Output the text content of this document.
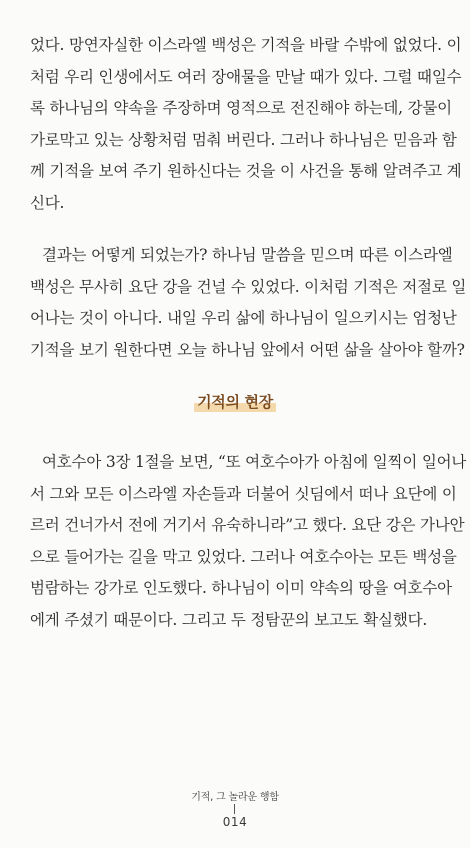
었다. 망연자실한 이스라엘 백성은 기적을 바랄 수밖에 없었다. 이
처럼 우리 인생에서도 여러 장애물을 만날 때가 있다. 그럴 때일수
록 하나님의 약속을 주장하며 영적으로 전진해야 하는데, 강물이
가로막고 있는 상황처럼 멈춰 버린다. 그러나 하나님은 믿음과 함
께 기적을 보여 주기 원하신다는 것을 이 사건을 통해 알려주고 계
신다.
결과는 어떻게 되었는가? 하나님 말씀을 믿으며 따른 이스라엘
백성은 무사히 요단 강을 건널 수 있었다. 이처럼 기적은 저절로 일
어나는 것이 아니다. 내일 우리 삶에 하나님이 일으키시는 엄청난
기적을 보기 원한다면 오늘 하나님 앞에서 어떤 삶을 살아야 할까?
기적의 현장
여호수아 3장 1절을 보면, “또 여호수아가 아침에 일찍이 일어나
서 그와 모든 이스라엘 자손들과 더불어 싯딤에서 떠나 요단에 이
르러 건너가서 전에 거기서 유숙하니라”고 했다. 요단 강은 가나안
으로 들어가는 길을 막고 있었다. 그러나 여호수아는 모든 백성을
범람하는 강가로 인도했다. 하나님이 이미 약속의 땅을 여호수아
에게 주셨기 때문이다. 그리고 두 정탐꾼의 보고도 확실했다.
기적, 그 놀라운 행함
014
